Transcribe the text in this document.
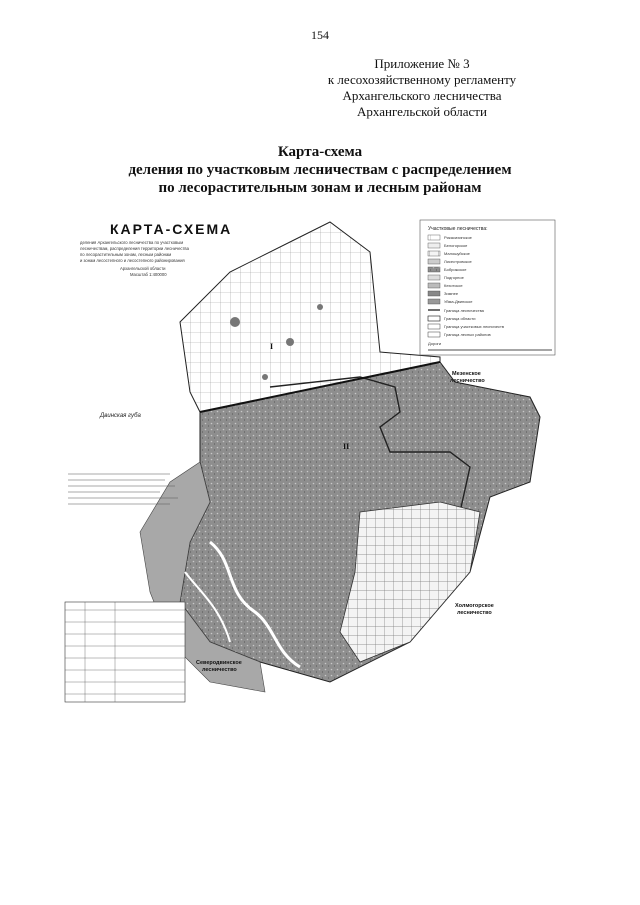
154
Приложение № 3
к лесохозяйственному регламенту
Архангельского лесничества
Архангельской области
Карта-схема
деления по участковым лесничествам с распределением
по лесорастительным зонам и лесным районам
Участковые лесничества:
Рикасихинское
Белогорское
Малошуйское
Лисестровское
Боброжское
Подгорное
Кехотское
Зимнее
Уйма-Двинское
Граница лесничества
Граница области
Граница участковых лесничеств
Граница лесных районов
Дороги
КАРТА-СХЕМА
деления Архангельского лесничества по участковым
лесничествам, распределения территории лесничества
по лесорастительным зонам, лесным районам
и зонам лесостепного и лесостепного районирования
Архангельской области
Масштаб 1:400000
Двинская губа
I
II
Мезенское
лесничество
Холмогорское
лесничество
Северодвинское
лесничество
